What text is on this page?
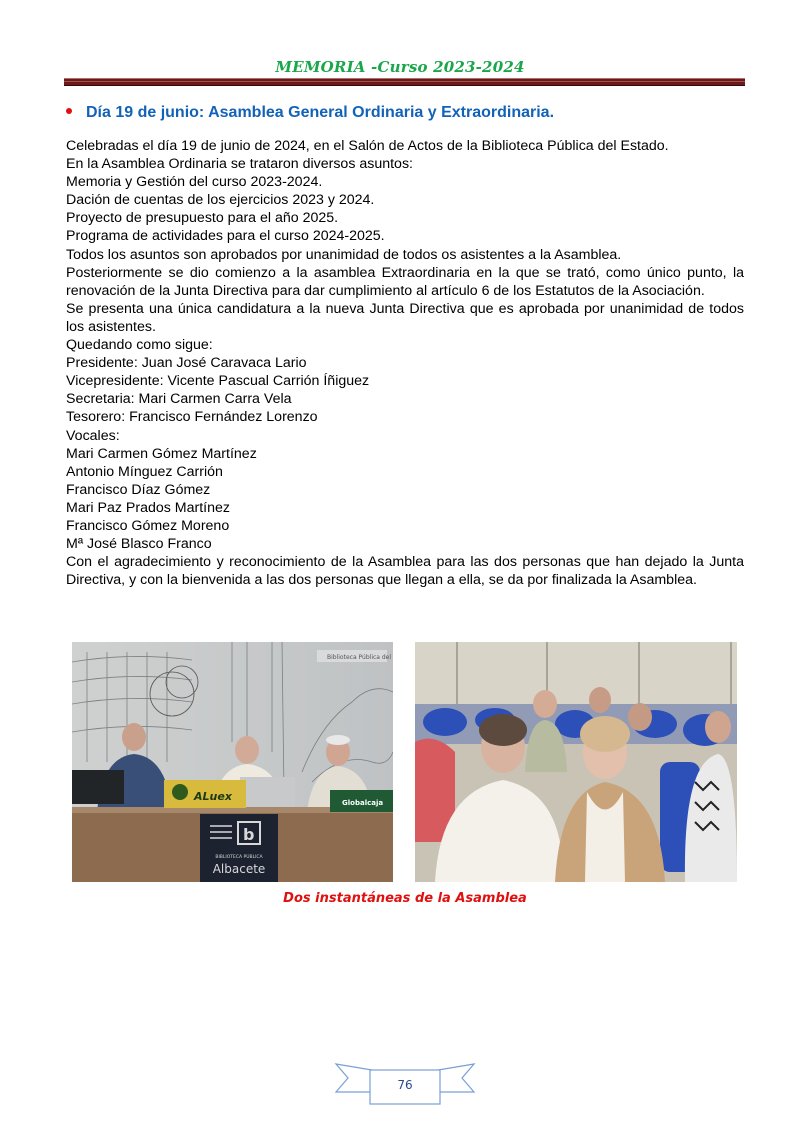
MEMORIA -Curso 2023-2024
Día 19 de junio: Asamblea General Ordinaria y Extraordinaria.

Celebradas el día 19 de junio de 2024, en el Salón de Actos de la Biblioteca Pública del Estado.

En la Asamblea Ordinaria se trataron diversos asuntos:

Memoria y Gestión del curso 2023-2024.

Dación de cuentas de los ejercicios 2023 y 2024.

Proyecto de presupuesto para el año 2025.

Programa de actividades para el curso 2024-2025.

Todos los asuntos son aprobados por unanimidad de todos os asistentes a la Asamblea.

Posteriormente se dio comienzo a la asamblea Extraordinaria en la que se trató, como único punto, la renovación de la Junta Directiva para dar cumplimiento al artículo 6 de los Estatutos de la Asociación.

Se presenta una única candidatura a la nueva Junta Directiva que es aprobada por unanimidad de todos los asistentes.

Quedando como sigue:

Presidente: Juan José Caravaca Lario

Vicepresidente: Vicente Pascual Carrión Íñiguez

Secretaria: Mari Carmen Carra Vela

Tesorero: Francisco Fernández Lorenzo

Vocales:

Mari Carmen Gómez Martínez

Antonio Mínguez Carrión

Francisco Díaz Gómez

Mari Paz Prados Martínez

Francisco Gómez Moreno

Mª José Blasco Franco

Con el agradecimiento y reconocimiento de la Asamblea para las dos personas que han dejado la Junta Directiva, y con la bienvenida a las dos personas que llegan a ella, se da por finalizada la Asamblea.

Biblioteca Pública del
ALuex	Globalcaja
b
BIBLIOTECA PÚBLICA
Albacete
Dos instantáneas de la Asamblea
76
